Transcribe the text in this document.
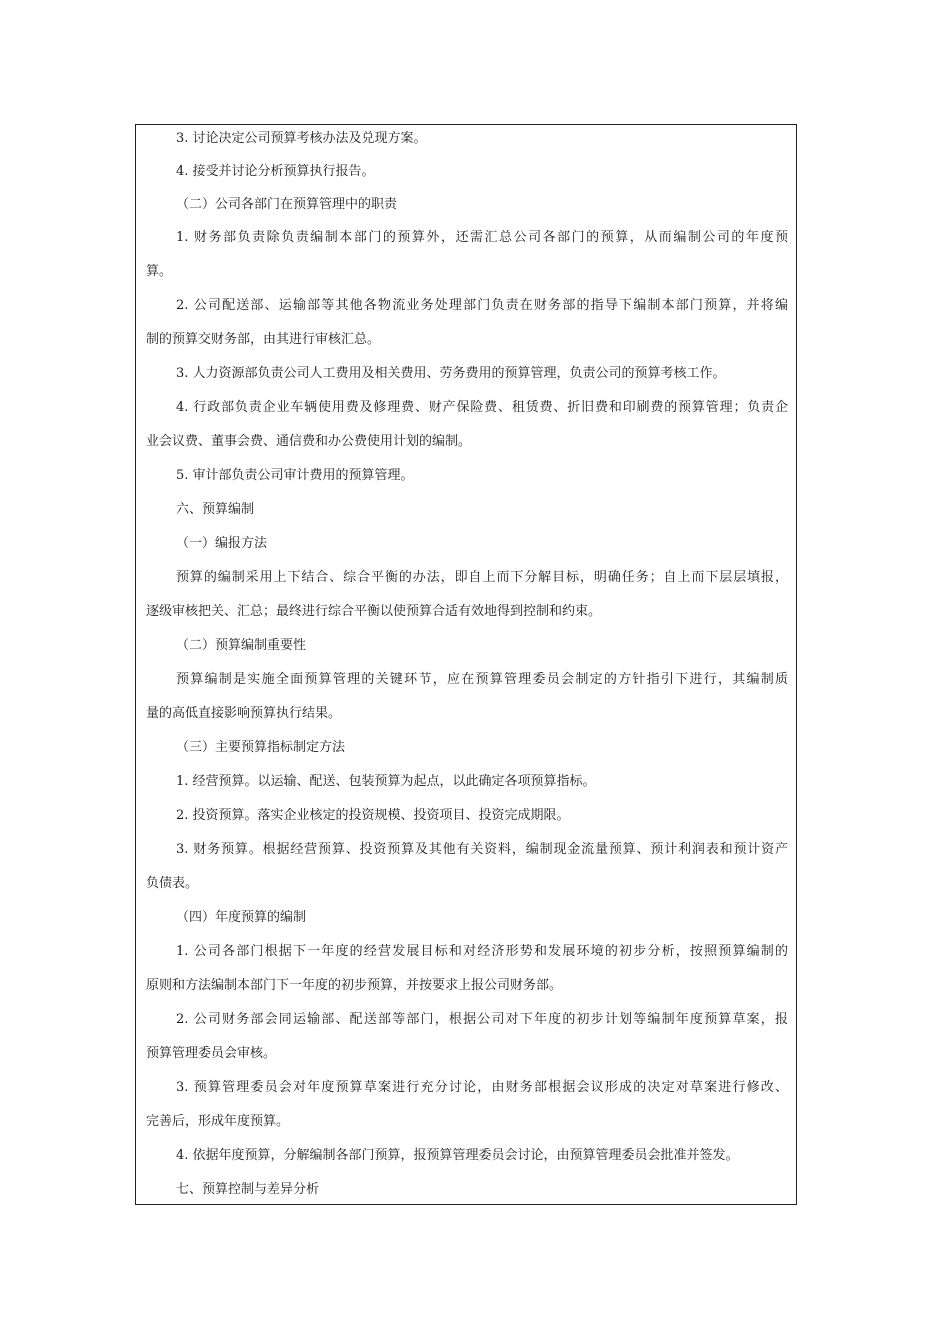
3. 讨论决定公司预算考核办法及兑现方案。
4. 接受并讨论分析预算执行报告。
（二）公司各部门在预算管理中的职责
1. 财务部负责除负责编制本部门的预算外，还需汇总公司各部门的预算，从而编制公司的年度预
算。
2. 公司配送部、运输部等其他各物流业务处理部门负责在财务部的指导下编制本部门预算，并将编
制的预算交财务部，由其进行审核汇总。
3. 人力资源部负责公司人工费用及相关费用、劳务费用的预算管理，负责公司的预算考核工作。
4. 行政部负责企业车辆使用费及修理费、财产保险费、租赁费、折旧费和印刷费的预算管理；负责企
业会议费、董事会费、通信费和办公费使用计划的编制。
5. 审计部负责公司审计费用的预算管理。
六、预算编制
（一）编报方法
预算的编制采用上下结合、综合平衡的办法，即自上而下分解目标，明确任务；自上而下层层填报，
逐级审核把关、汇总；最终进行综合平衡以使预算合适有效地得到控制和约束。
（二）预算编制重要性
预算编制是实施全面预算管理的关键环节，应在预算管理委员会制定的方针指引下进行，其编制质
量的高低直接影响预算执行结果。
（三）主要预算指标制定方法
1. 经营预算。以运输、配送、包装预算为起点，以此确定各项预算指标。
2. 投资预算。落实企业核定的投资规模、投资项目、投资完成期限。
3. 财务预算。根据经营预算、投资预算及其他有关资料，编制现金流量预算、预计利润表和预计资产
负债表。
（四）年度预算的编制
1. 公司各部门根据下一年度的经营发展目标和对经济形势和发展环境的初步分析，按照预算编制的
原则和方法编制本部门下一年度的初步预算，并按要求上报公司财务部。
2. 公司财务部会同运输部、配送部等部门，根据公司对下年度的初步计划等编制年度预算草案，报
预算管理委员会审核。
3. 预算管理委员会对年度预算草案进行充分讨论，由财务部根据会议形成的决定对草案进行修改、
完善后，形成年度预算。
4. 依据年度预算，分解编制各部门预算，报预算管理委员会讨论，由预算管理委员会批准并签发。
七、预算控制与差异分析
